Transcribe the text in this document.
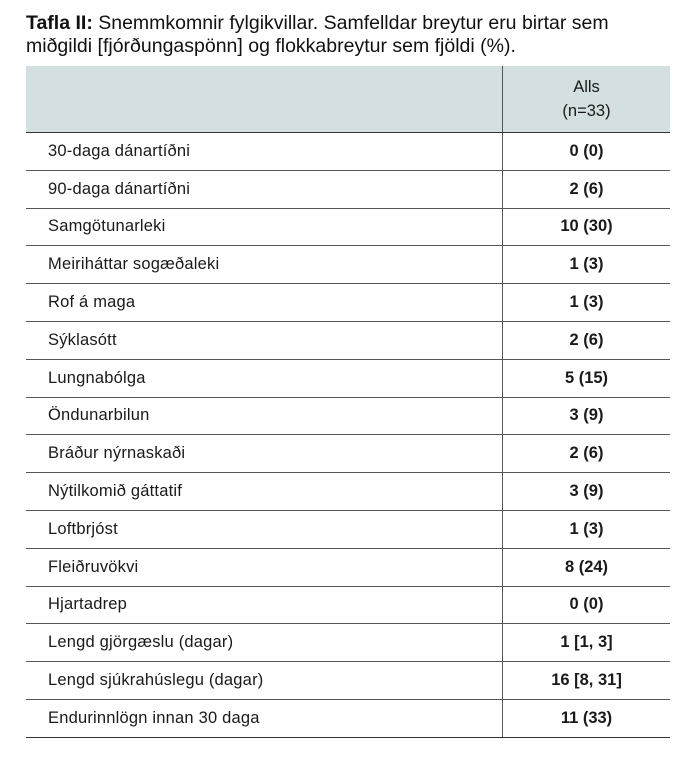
Tafla II: Snemmkomnir fylgikvillar. Samfelldar breytur eru birtar sem miðgildi [fjórðungaspönn] og flokkabreytur sem fjöldi (%).

	Alls
(n=33)

30-daga dánartíðni	0 (0)
90-daga dánartíðni	2 (6)
Samgötunarleki	10 (30)
Meiriháttar sogæðaleki	1 (3)
Rof á maga	1 (3)
Sýklasótt	2 (6)
Lungnabólga	5 (15)
Öndunarbilun	3 (9)
Bráður nýrnaskaði	2 (6)
Nýtilkomið gáttatif	3 (9)
Loftbrjóst	1 (3)
Fleiðruvökvi	8 (24)
Hjartadrep	0 (0)
Lengd gjörgæslu (dagar)	1 [1, 3]
Lengd sjúkrahúslegu (dagar)	16 [8, 31]
Endurinnlögn innan 30 daga	11 (33)
